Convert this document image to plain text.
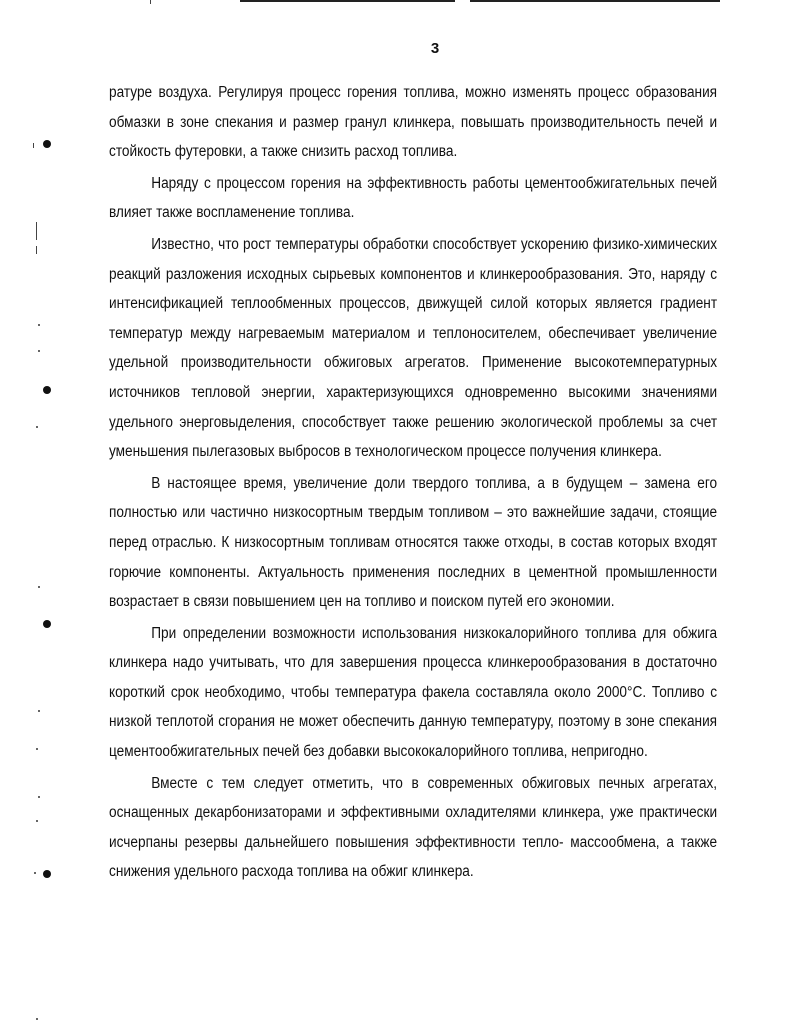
3

ратуре воздуха. Регулируя процесс горения топлива, можно изменять процесс образования обмазки в зоне спекания и размер гранул клинкера, повышать производительность печей и стойкость футеровки, а также снизить расход топлива.

Наряду с процессом горения на эффективность работы цементообжигательных печей влияет также воспламенение топлива.

Известно, что рост температуры обработки способствует ускорению физико-химических реакций разложения исходных сырьевых компонентов и клинкерообразования. Это, наряду с интенсификацией теплообменных процессов, движущей силой которых является градиент температур между нагреваемым материалом и теплоносителем, обеспечивает увеличение удельной производительности обжиговых агрегатов. Применение высокотемпературных источников тепловой энергии, характеризующихся одновременно высокими значениями удельного энерговыделения, способствует также решению экологической проблемы за счет уменьшения пылегазовых выбросов в технологическом процессе получения клинкера.

В настоящее время, увеличение доли твердого топлива, а в будущем – замена его полностью или частично низкосортным твердым топливом – это важнейшие задачи, стоящие перед отраслью. К низкосортным топливам относятся также отходы, в состав которых входят горючие компоненты. Актуальность применения последних в цементной промышленности возрастает в связи повышением цен на топливо и поиском путей его экономии.

При определении возможности использования низкокалорийного топлива для обжига клинкера надо учитывать, что для завершения процесса клинкерообразования в достаточно короткий срок необходимо, чтобы температура факела составляла около 2000°С. Топливо с низкой теплотой сгорания не может обеспечить данную температуру, поэтому в зоне спекания цементообжигательных печей без добавки высококалорийного топлива, непригодно.

Вместе с тем следует отметить, что в современных обжиговых печных агрегатах, оснащенных декарбонизаторами и эффективными охладителями клинкера, уже практически исчерпаны резервы дальнейшего повышения эффективности тепло- массообмена, а также снижения удельного расхода топлива на обжиг клинкера.
